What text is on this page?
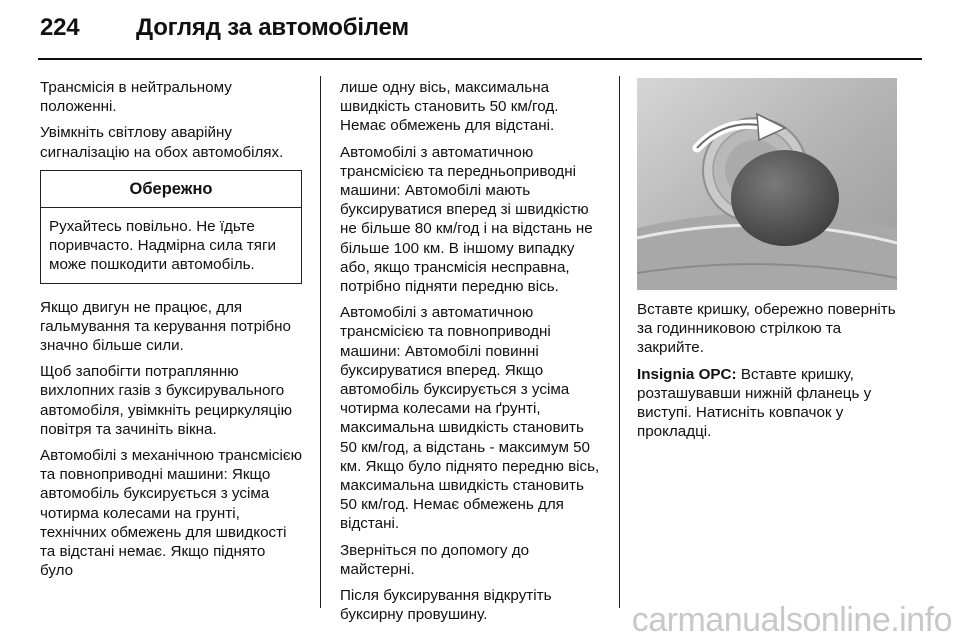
224 Догляд за автомобілем

Трансмісія в нейтральному положенні.

Увімкніть світлову аварійну сигналізацію на обох автомобілях.

Обережно
Рухайтесь повільно. Не їдьте поривчасто. Надмірна сила тяги може пошкодити автомобіль.

Якщо двигун не працює, для гальмування та керування потрібно значно більше сили.

Щоб запобігти потраплянню вихлопних газів з буксирувального автомобіля, увімкніть рециркуляцію повітря та зачиніть вікна.

Автомобілі з механічною трансмісією та повноприводні машини: Якщо автомобіль буксирується з усіма чотирма колесами на грунті, технічних обмежень для швидкості та відстані немає. Якщо піднято було

лише одну вісь, максимальна швидкість становить 50 км/год. Немає обмежень для відстані.

Автомобілі з автоматичною трансмісією та передньоприводні машини: Автомобілі мають буксируватися вперед зі швидкістю не більше 80 км/год і на відстань не більше 100 км. В іншому випадку або, якщо трансмісія несправна, потрібно підняти передню вісь.

Автомобілі з автоматичною трансмісією та повноприводні машини: Автомобілі повинні буксируватися вперед. Якщо автомобіль буксирується з усіма чотирма колесами на ґрунті, максимальна швидкість становить 50 км/год, а відстань - максимум 50 км. Якщо було піднято передню вісь, максимальна швидкість становить 50 км/год. Немає обмежень для відстані.

Зверніться по допомогу до майстерні.

Після буксирування відкрутіть буксирну провушину.

Вставте кришку, обережно поверніть за годинниковою стрілкою та закрийте.

Insignia OPC: Вставте кришку, розташувавши нижній фланець у виступі. Натисніть ковпачок у прокладці.

carmanualsonline.info
